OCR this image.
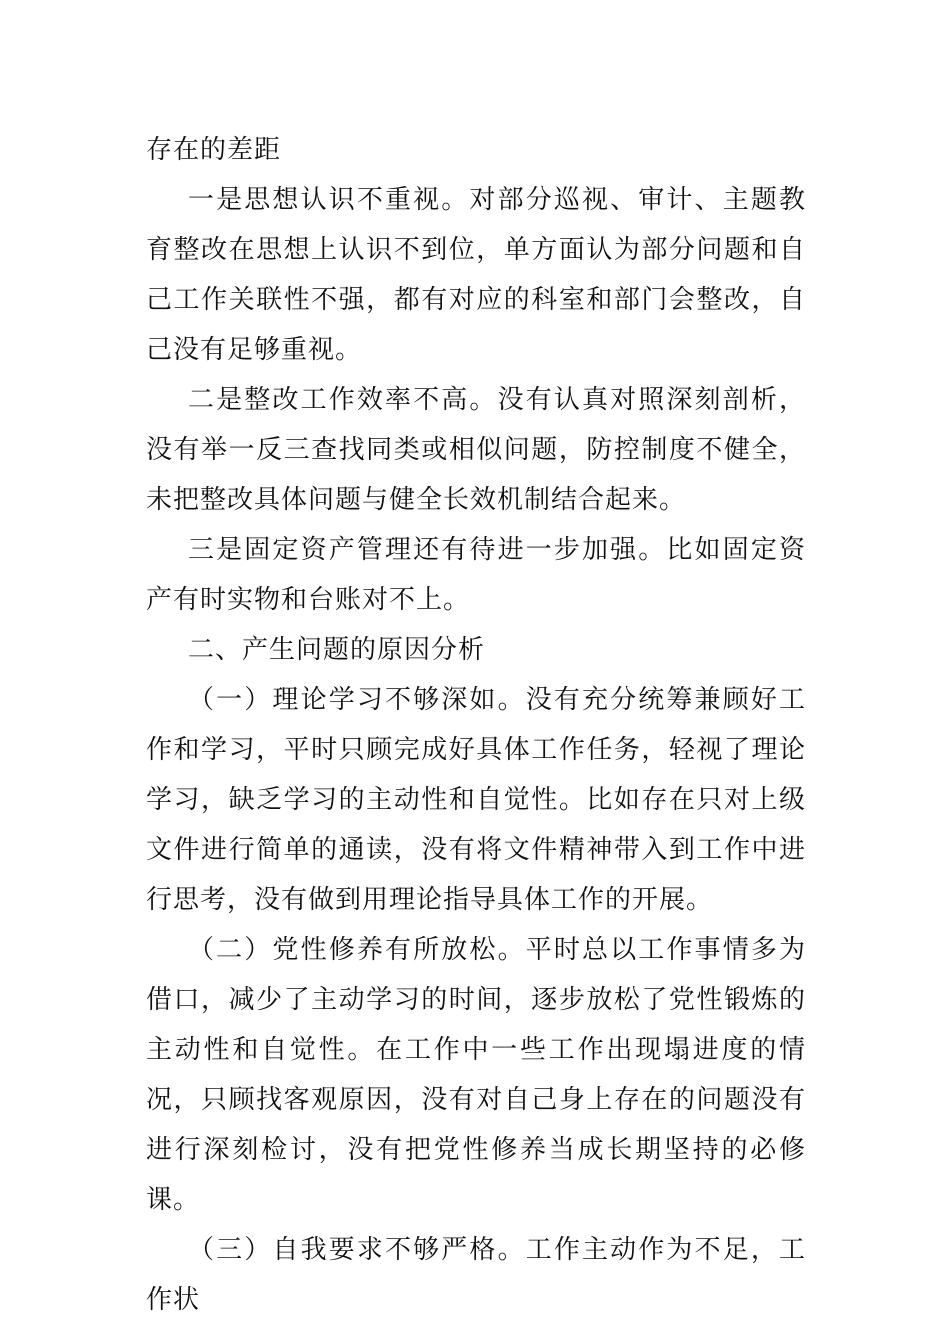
存在的差距

一是思想认识不重视。对部分巡视、审计、主题教育整改在思想上认识不到位，单方面认为部分问题和自己工作关联性不强，都有对应的科室和部门会整改，自己没有足够重视。

二是整改工作效率不高。没有认真对照深刻剖析，没有举一反三查找同类或相似问题，防控制度不健全，未把整改具体问题与健全长效机制结合起来。

三是固定资产管理还有待进一步加强。比如固定资产有时实物和台账对不上。

二、产生问题的原因分析

（一）理论学习不够深如。没有充分统筹兼顾好工作和学习，平时只顾完成好具体工作任务，轻视了理论学习，缺乏学习的主动性和自觉性。比如存在只对上级文件进行简单的通读，没有将文件精神带入到工作中进行思考，没有做到用理论指导具体工作的开展。

（二）党性修养有所放松。平时总以工作事情多为借口，减少了主动学习的时间，逐步放松了党性锻炼的主动性和自觉性。在工作中一些工作出现塌进度的情况，只顾找客观原因，没有对自己身上存在的问题没有进行深刻检讨，没有把党性修养当成长期坚持的必修课。

（三）自我要求不够严格。工作主动作为不足，工作状
